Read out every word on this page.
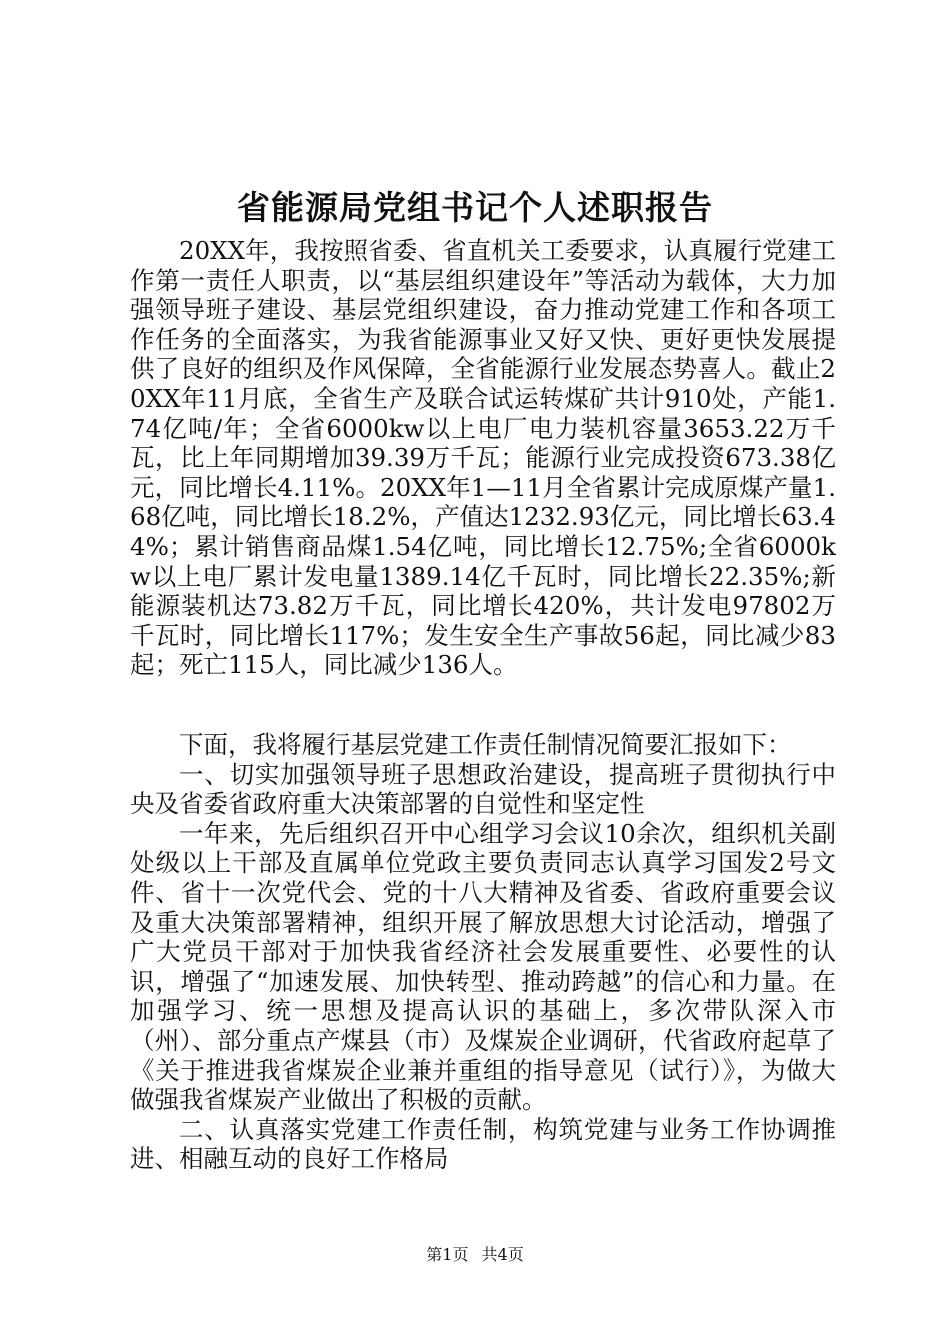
省能源局党组书记个人述职报告

20XX年，我按照省委、省直机关工委要求，认真履行党建工作第一责任人职责，以“基层组织建设年”等活动为载体，大力加强领导班子建设、基层党组织建设，奋力推动党建工作和各项工作任务的全面落实，为我省能源事业又好又快、更好更快发展提供了良好的组织及作风保障，全省能源行业发展态势喜人。截止20XX年11月底，全省生产及联合试运转煤矿共计910处，产能1.74亿吨/年；全省6000kw以上电厂电力装机容量3653.22万千瓦，比上年同期增加39.39万千瓦；能源行业完成投资673.38亿元，同比增长4.11%。20XX年1—11月全省累计完成原煤产量1.68亿吨，同比增长18.2%，产值达1232.93亿元，同比增长63.44%；累计销售商品煤1.54亿吨，同比增长12.75%;全省6000kw以上电厂累计发电量1389.14亿千瓦时，同比增长22.35%;新能源装机达73.82万千瓦，同比增长420%，共计发电97802万千瓦时，同比增长117%；发生安全生产事故56起，同比减少83起；死亡115人，同比减少136人。

下面，我将履行基层党建工作责任制情况简要汇报如下：

一、切实加强领导班子思想政治建设，提高班子贯彻执行中央及省委省政府重大决策部署的自觉性和坚定性

一年来，先后组织召开中心组学习会议10余次，组织机关副处级以上干部及直属单位党政主要负责同志认真学习国发2号文件、省十一次党代会、党的十八大精神及省委、省政府重要会议及重大决策部署精神，组织开展了解放思想大讨论活动，增强了广大党员干部对于加快我省经济社会发展重要性、必要性的认识，增强了“加速发展、加快转型、推动跨越”的信心和力量。在加强学习、统一思想及提高认识的基础上，多次带队深入市（州）、部分重点产煤县（市）及煤炭企业调研，代省政府起草了《关于推进我省煤炭企业兼并重组的指导意见（试行）》，为做大做强我省煤炭产业做出了积极的贡献。

二、认真落实党建工作责任制，构筑党建与业务工作协调推进、相融互动的良好工作格局

第1页 共4页
